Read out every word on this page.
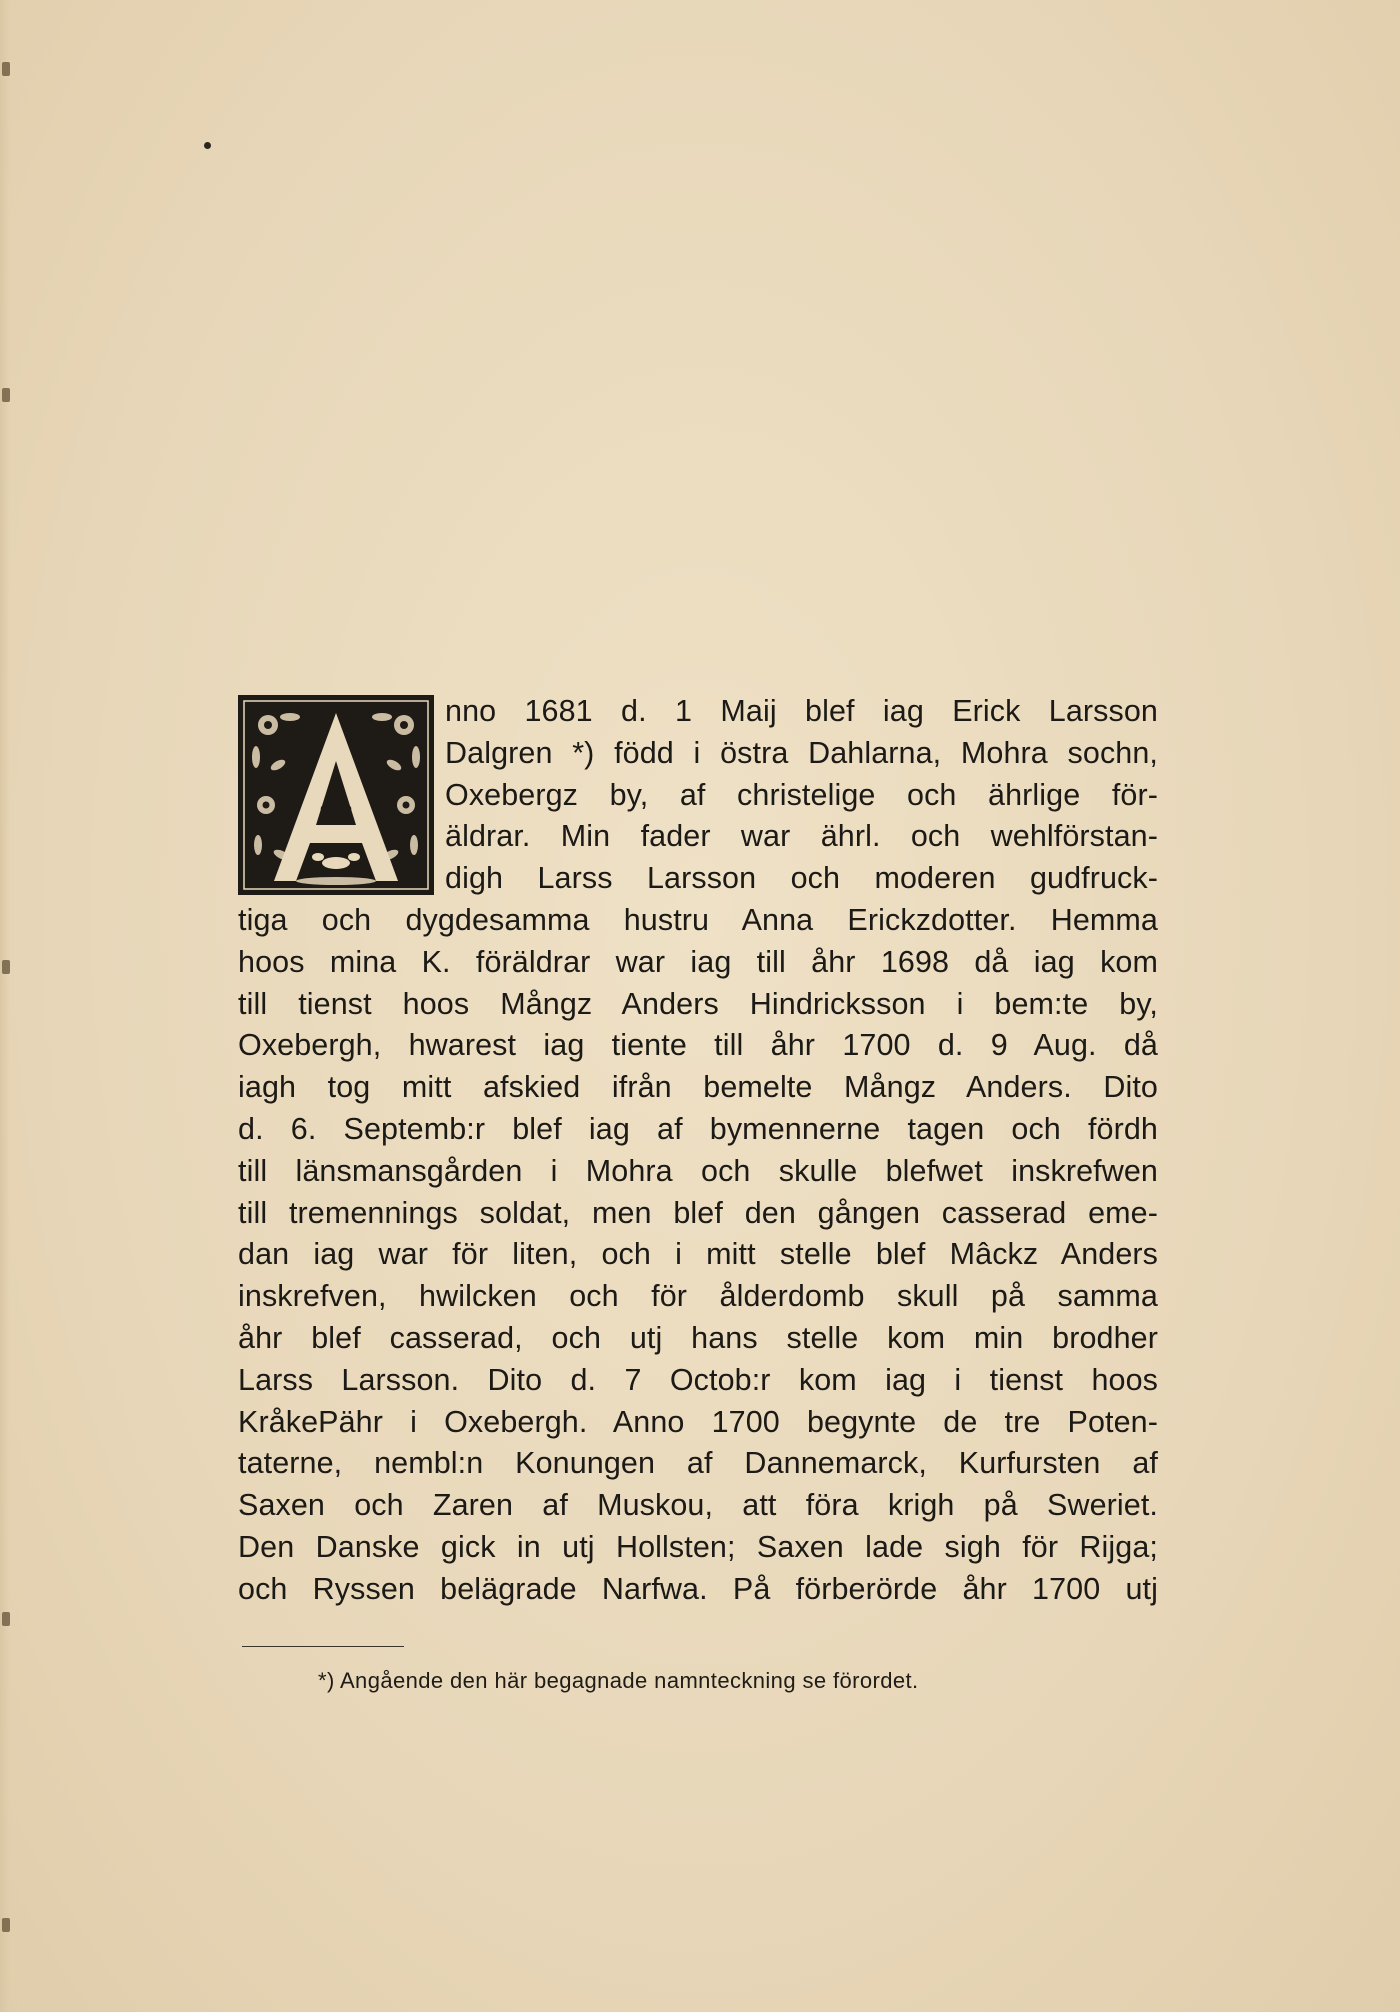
nno 1681 d. 1 Maij blef iag Erick Larsson
Dalgren *) född i östra Dahlarna, Mohra sochn,
Oxebergz by, af christelige och ährlige för-
äldrar. Min fader war ährl. och wehlförstan-
digh Larss Larsson och moderen gudfruck-
tiga och dygdesamma hustru Anna Erickzdotter. Hemma
hoos mina K. föräldrar war iag till åhr 1698 då iag kom
till tienst hoos Mångz Anders Hindricksson i bem:te by,
Oxebergh, hwarest iag tiente till åhr 1700 d. 9 Aug. då
iagh tog mitt afskied ifrån bemelte Mångz Anders. Dito
d. 6. Septemb:r blef iag af bymennerne tagen och fördh
till länsmansgården i Mohra och skulle blefwet inskrefwen
till tremennings soldat, men blef den gången casserad eme-
dan iag war för liten, och i mitt stelle blef Mâckz Anders
inskrefven, hwilcken och för ålderdomb skull på samma
åhr blef casserad, och utj hans stelle kom min brodher
Larss Larsson. Dito d. 7 Octob:r kom iag i tienst hoos
KråkePähr i Oxebergh. Anno 1700 begynte de tre Poten-
taterne, nembl:n Konungen af Dannemarck, Kurfursten af
Saxen och Zaren af Muskou, att föra krigh på Sweriet.
Den Danske gick in utj Hollsten; Saxen lade sigh för Rijga;
och Ryssen belägrade Narfwa. På förberörde åhr 1700 utj
*) Angående den här begagnade namnteckning se förordet.
